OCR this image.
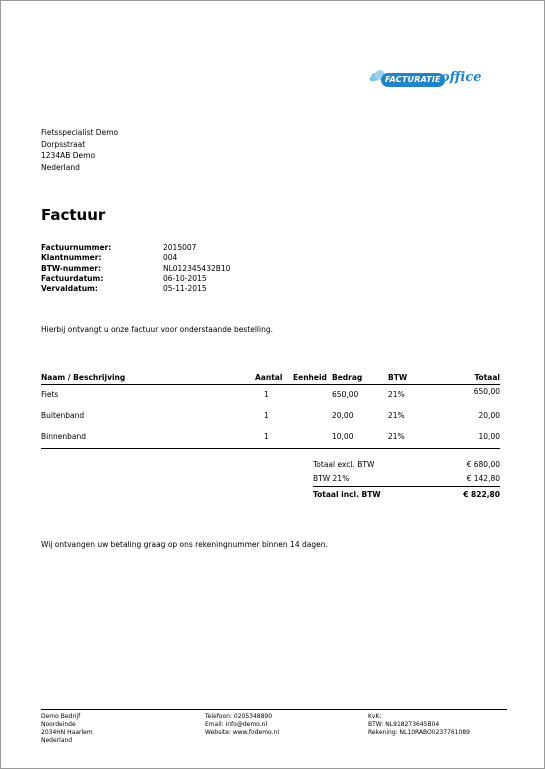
FACTURATIE office
Fietsspecialist Demo
Dorpsstraat
1234AB Demo
Nederland
Factuur
Factuurnummer:	2015007
Klantnummer:	004
BTW-nummer:	NL012345432B10
Factuurdatum:	06-10-2015
Vervaldatum:	05-11-2015
Hierbij ontvangt u onze factuur voor onderstaande bestelling.
Naam / Beschrijving	Aantal	Eenheid	Bedrag	BTW	Totaal
Fiets	1		650,00	21%	650,00
Buitenband	1		20,00	21%	20,00
Binnenband	1		10,00	21%	10,00
Totaal excl. BTW	€ 680,00
BTW 21%	€ 142,80
Totaal incl. BTW	€ 822,80
Wij ontvangen uw betaling graag op ons rekeningnummer binnen 14 dagen.
Demo Bedrijf
Noordeinde
2034HN Haarlem
Nederland
Telefoon: 0205348890
Email: info@demo.nl
Website: www.fodemo.nl
KvK:
BTW: NL918273645B04
Rekening: NL10RABO0237761089
